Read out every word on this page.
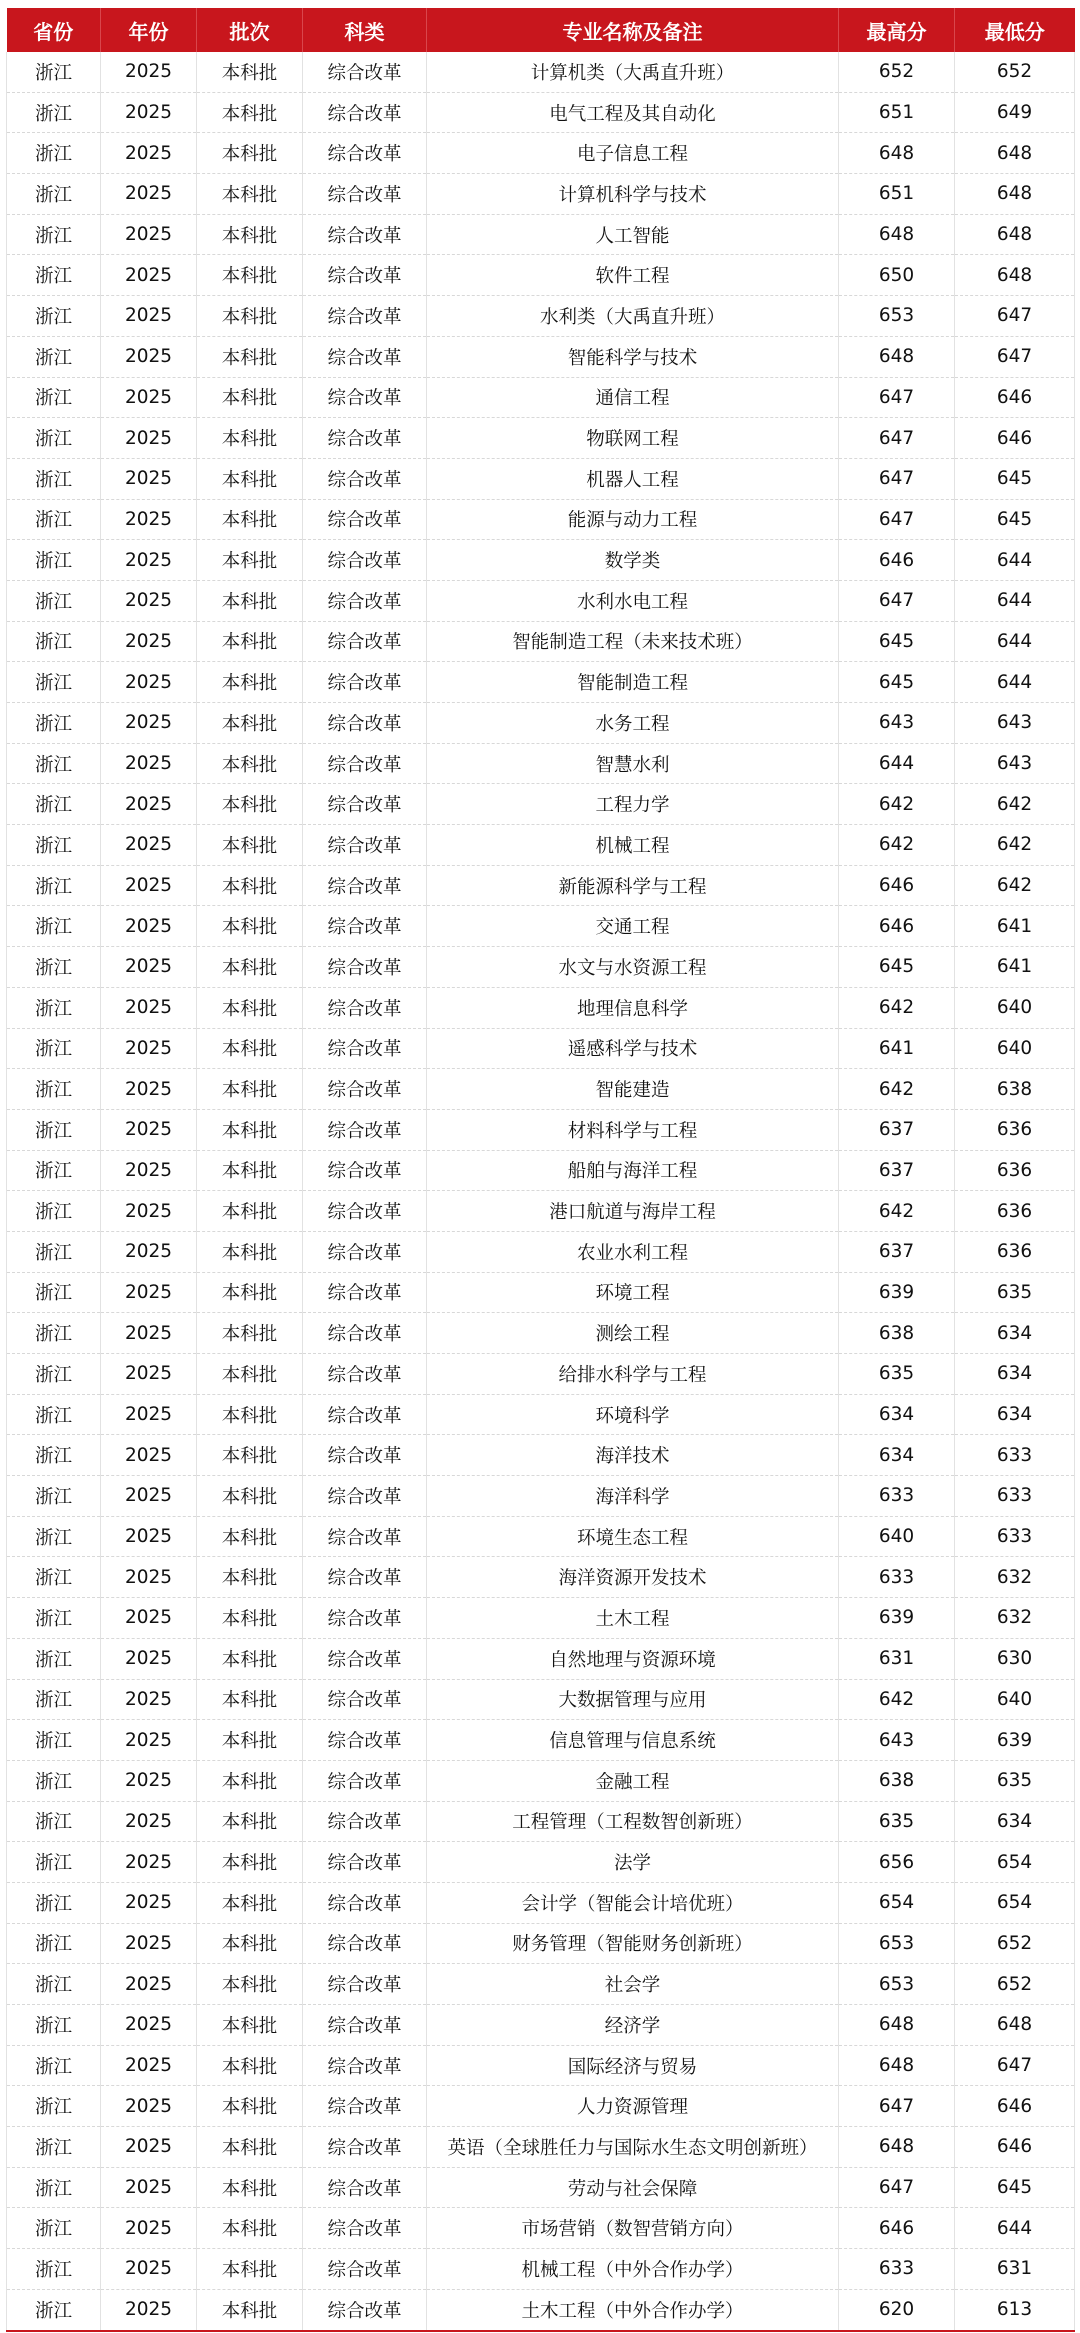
省份	年份	批次	科类	专业名称及备注	最高分	最低分
浙江	2025	本科批	综合改革	计算机类（大禹直升班）	652	652
浙江	2025	本科批	综合改革	电气工程及其自动化	651	649
浙江	2025	本科批	综合改革	电子信息工程	648	648
浙江	2025	本科批	综合改革	计算机科学与技术	651	648
浙江	2025	本科批	综合改革	人工智能	648	648
浙江	2025	本科批	综合改革	软件工程	650	648
浙江	2025	本科批	综合改革	水利类（大禹直升班）	653	647
浙江	2025	本科批	综合改革	智能科学与技术	648	647
浙江	2025	本科批	综合改革	通信工程	647	646
浙江	2025	本科批	综合改革	物联网工程	647	646
浙江	2025	本科批	综合改革	机器人工程	647	645
浙江	2025	本科批	综合改革	能源与动力工程	647	645
浙江	2025	本科批	综合改革	数学类	646	644
浙江	2025	本科批	综合改革	水利水电工程	647	644
浙江	2025	本科批	综合改革	智能制造工程（未来技术班）	645	644
浙江	2025	本科批	综合改革	智能制造工程	645	644
浙江	2025	本科批	综合改革	水务工程	643	643
浙江	2025	本科批	综合改革	智慧水利	644	643
浙江	2025	本科批	综合改革	工程力学	642	642
浙江	2025	本科批	综合改革	机械工程	642	642
浙江	2025	本科批	综合改革	新能源科学与工程	646	642
浙江	2025	本科批	综合改革	交通工程	646	641
浙江	2025	本科批	综合改革	水文与水资源工程	645	641
浙江	2025	本科批	综合改革	地理信息科学	642	640
浙江	2025	本科批	综合改革	遥感科学与技术	641	640
浙江	2025	本科批	综合改革	智能建造	642	638
浙江	2025	本科批	综合改革	材料科学与工程	637	636
浙江	2025	本科批	综合改革	船舶与海洋工程	637	636
浙江	2025	本科批	综合改革	港口航道与海岸工程	642	636
浙江	2025	本科批	综合改革	农业水利工程	637	636
浙江	2025	本科批	综合改革	环境工程	639	635
浙江	2025	本科批	综合改革	测绘工程	638	634
浙江	2025	本科批	综合改革	给排水科学与工程	635	634
浙江	2025	本科批	综合改革	环境科学	634	634
浙江	2025	本科批	综合改革	海洋技术	634	633
浙江	2025	本科批	综合改革	海洋科学	633	633
浙江	2025	本科批	综合改革	环境生态工程	640	633
浙江	2025	本科批	综合改革	海洋资源开发技术	633	632
浙江	2025	本科批	综合改革	土木工程	639	632
浙江	2025	本科批	综合改革	自然地理与资源环境	631	630
浙江	2025	本科批	综合改革	大数据管理与应用	642	640
浙江	2025	本科批	综合改革	信息管理与信息系统	643	639
浙江	2025	本科批	综合改革	金融工程	638	635
浙江	2025	本科批	综合改革	工程管理（工程数智创新班）	635	634
浙江	2025	本科批	综合改革	法学	656	654
浙江	2025	本科批	综合改革	会计学（智能会计培优班）	654	654
浙江	2025	本科批	综合改革	财务管理（智能财务创新班）	653	652
浙江	2025	本科批	综合改革	社会学	653	652
浙江	2025	本科批	综合改革	经济学	648	648
浙江	2025	本科批	综合改革	国际经济与贸易	648	647
浙江	2025	本科批	综合改革	人力资源管理	647	646
浙江	2025	本科批	综合改革	英语（全球胜任力与国际水生态文明创新班）	648	646
浙江	2025	本科批	综合改革	劳动与社会保障	647	645
浙江	2025	本科批	综合改革	市场营销（数智营销方向）	646	644
浙江	2025	本科批	综合改革	机械工程（中外合作办学）	633	631
浙江	2025	本科批	综合改革	土木工程（中外合作办学）	620	613
